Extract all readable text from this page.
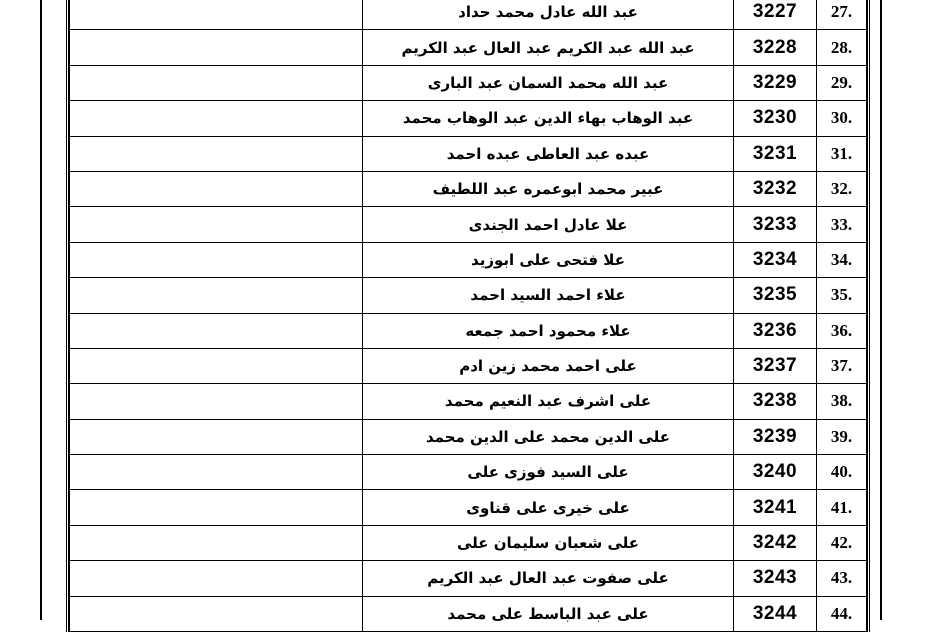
	عبد الله عادل محمد حداد	3227	.27
	عبد الله عبد الكريم عبد العال عبد الكريم	3228	.28
	عبد الله محمد السمان عبد البارى	3229	.29
	عبد الوهاب بهاء الدين عبد الوهاب محمد	3230	.30
	عبده عبد العاطى عبده احمد	3231	.31
	عبير محمد ابوعمره عبد اللطيف	3232	.32
	علا عادل احمد الجندى	3233	.33
	علا فتحى على ابوزيد	3234	.34
	علاء احمد السيد احمد	3235	.35
	علاء محمود احمد جمعه	3236	.36
	على احمد محمد زين ادم	3237	.37
	على اشرف عبد النعيم محمد	3238	.38
	على الدين محمد على الدين محمد	3239	.39
	على السيد فوزى على	3240	.40
	على خيرى على قناوى	3241	.41
	على شعبان سليمان على	3242	.42
	على صفوت عبد العال عبد الكريم	3243	.43
	على عبد الباسط على محمد	3244	.44
